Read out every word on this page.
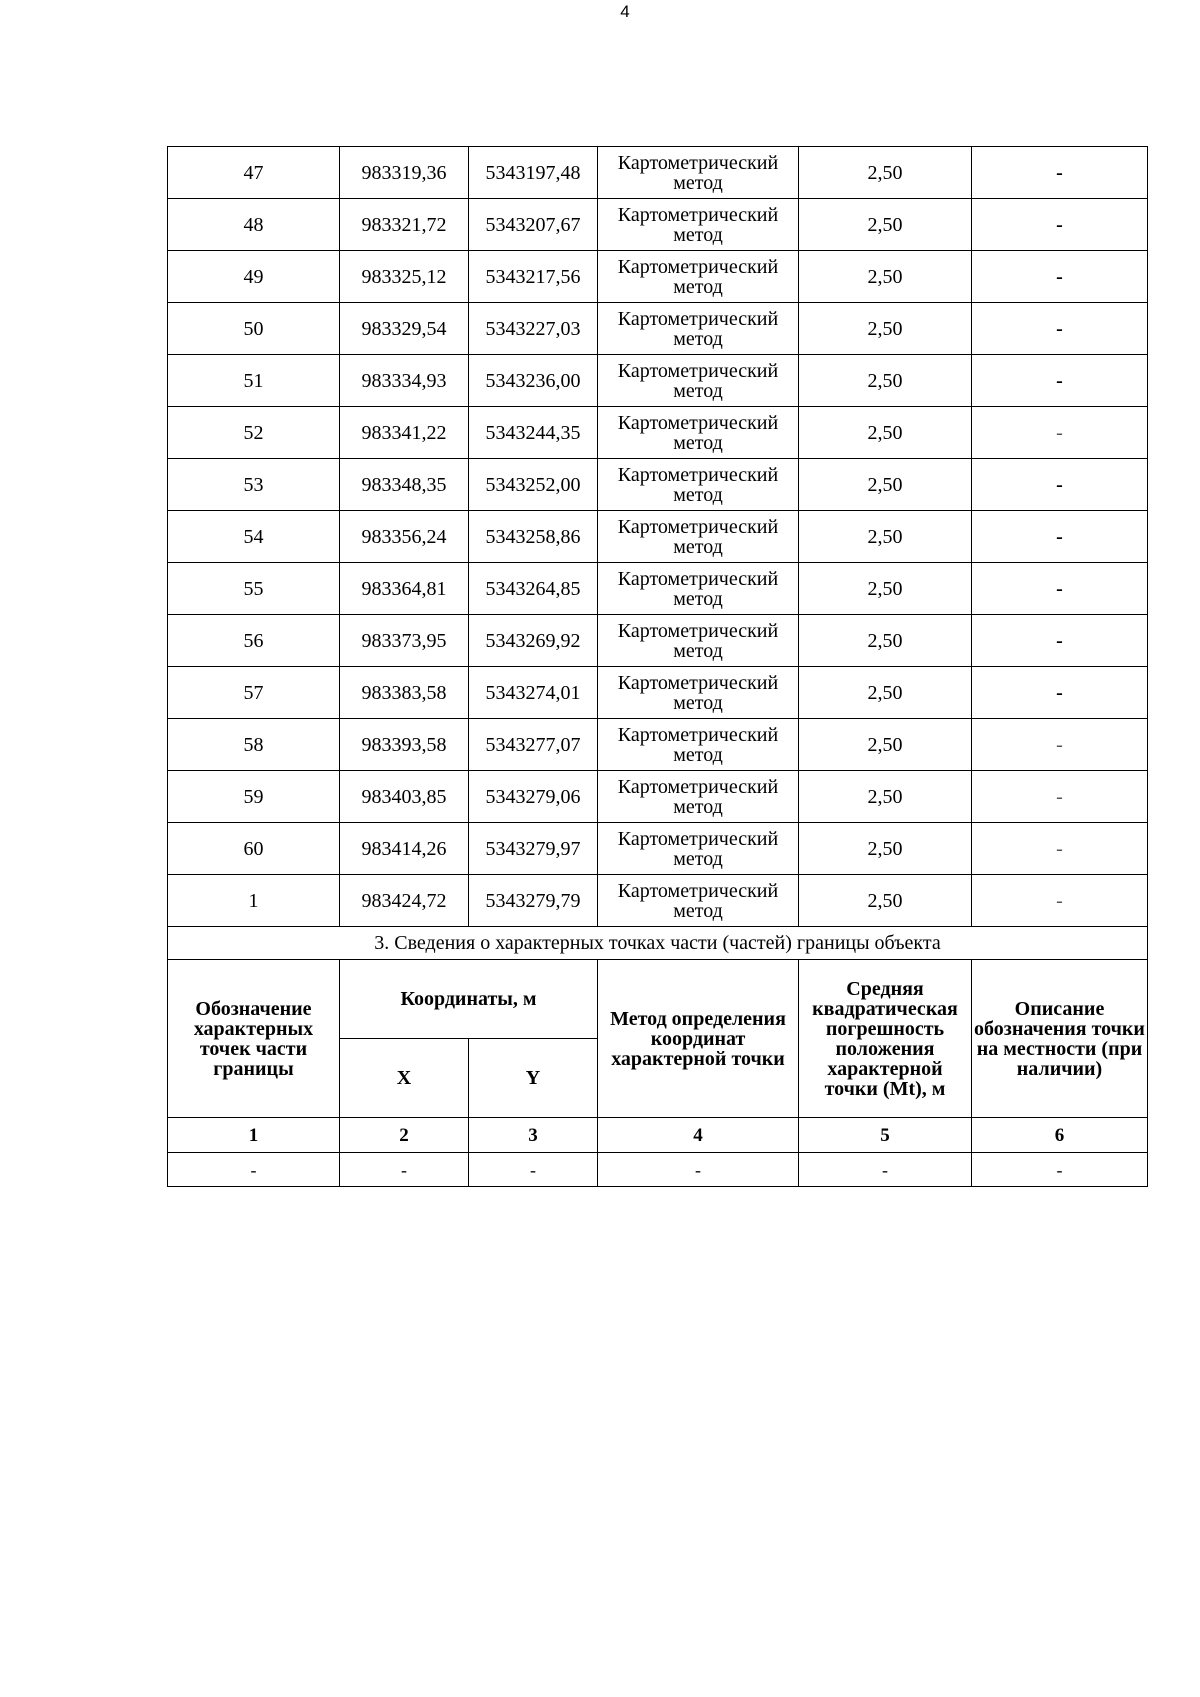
4
47	983319,36	5343197,48	Картометрический метод	2,50	-
48	983321,72	5343207,67	Картометрический метод	2,50	-
49	983325,12	5343217,56	Картометрический метод	2,50	-
50	983329,54	5343227,03	Картометрический метод	2,50	-
51	983334,93	5343236,00	Картометрический метод	2,50	-
52	983341,22	5343244,35	Картометрический метод	2,50	-
53	983348,35	5343252,00	Картометрический метод	2,50	-
54	983356,24	5343258,86	Картометрический метод	2,50	-
55	983364,81	5343264,85	Картометрический метод	2,50	-
56	983373,95	5343269,92	Картометрический метод	2,50	-
57	983383,58	5343274,01	Картометрический метод	2,50	-
58	983393,58	5343277,07	Картометрический метод	2,50	-
59	983403,85	5343279,06	Картометрический метод	2,50	-
60	983414,26	5343279,97	Картометрический метод	2,50	-
1	983424,72	5343279,79	Картометрический метод	2,50	-
3. Сведения о характерных точках части (частей) границы объекта					
Обозначение характерных точек части границы	Координаты, м		Метод определения координат характерной точки	Средняя квадратическая погрешность положения характерной точки (Mt), м	Описание обозначения точки на местности (при наличии)
	X	Y			
1	2	3	4	5	6
-	-	-	-	-	-
